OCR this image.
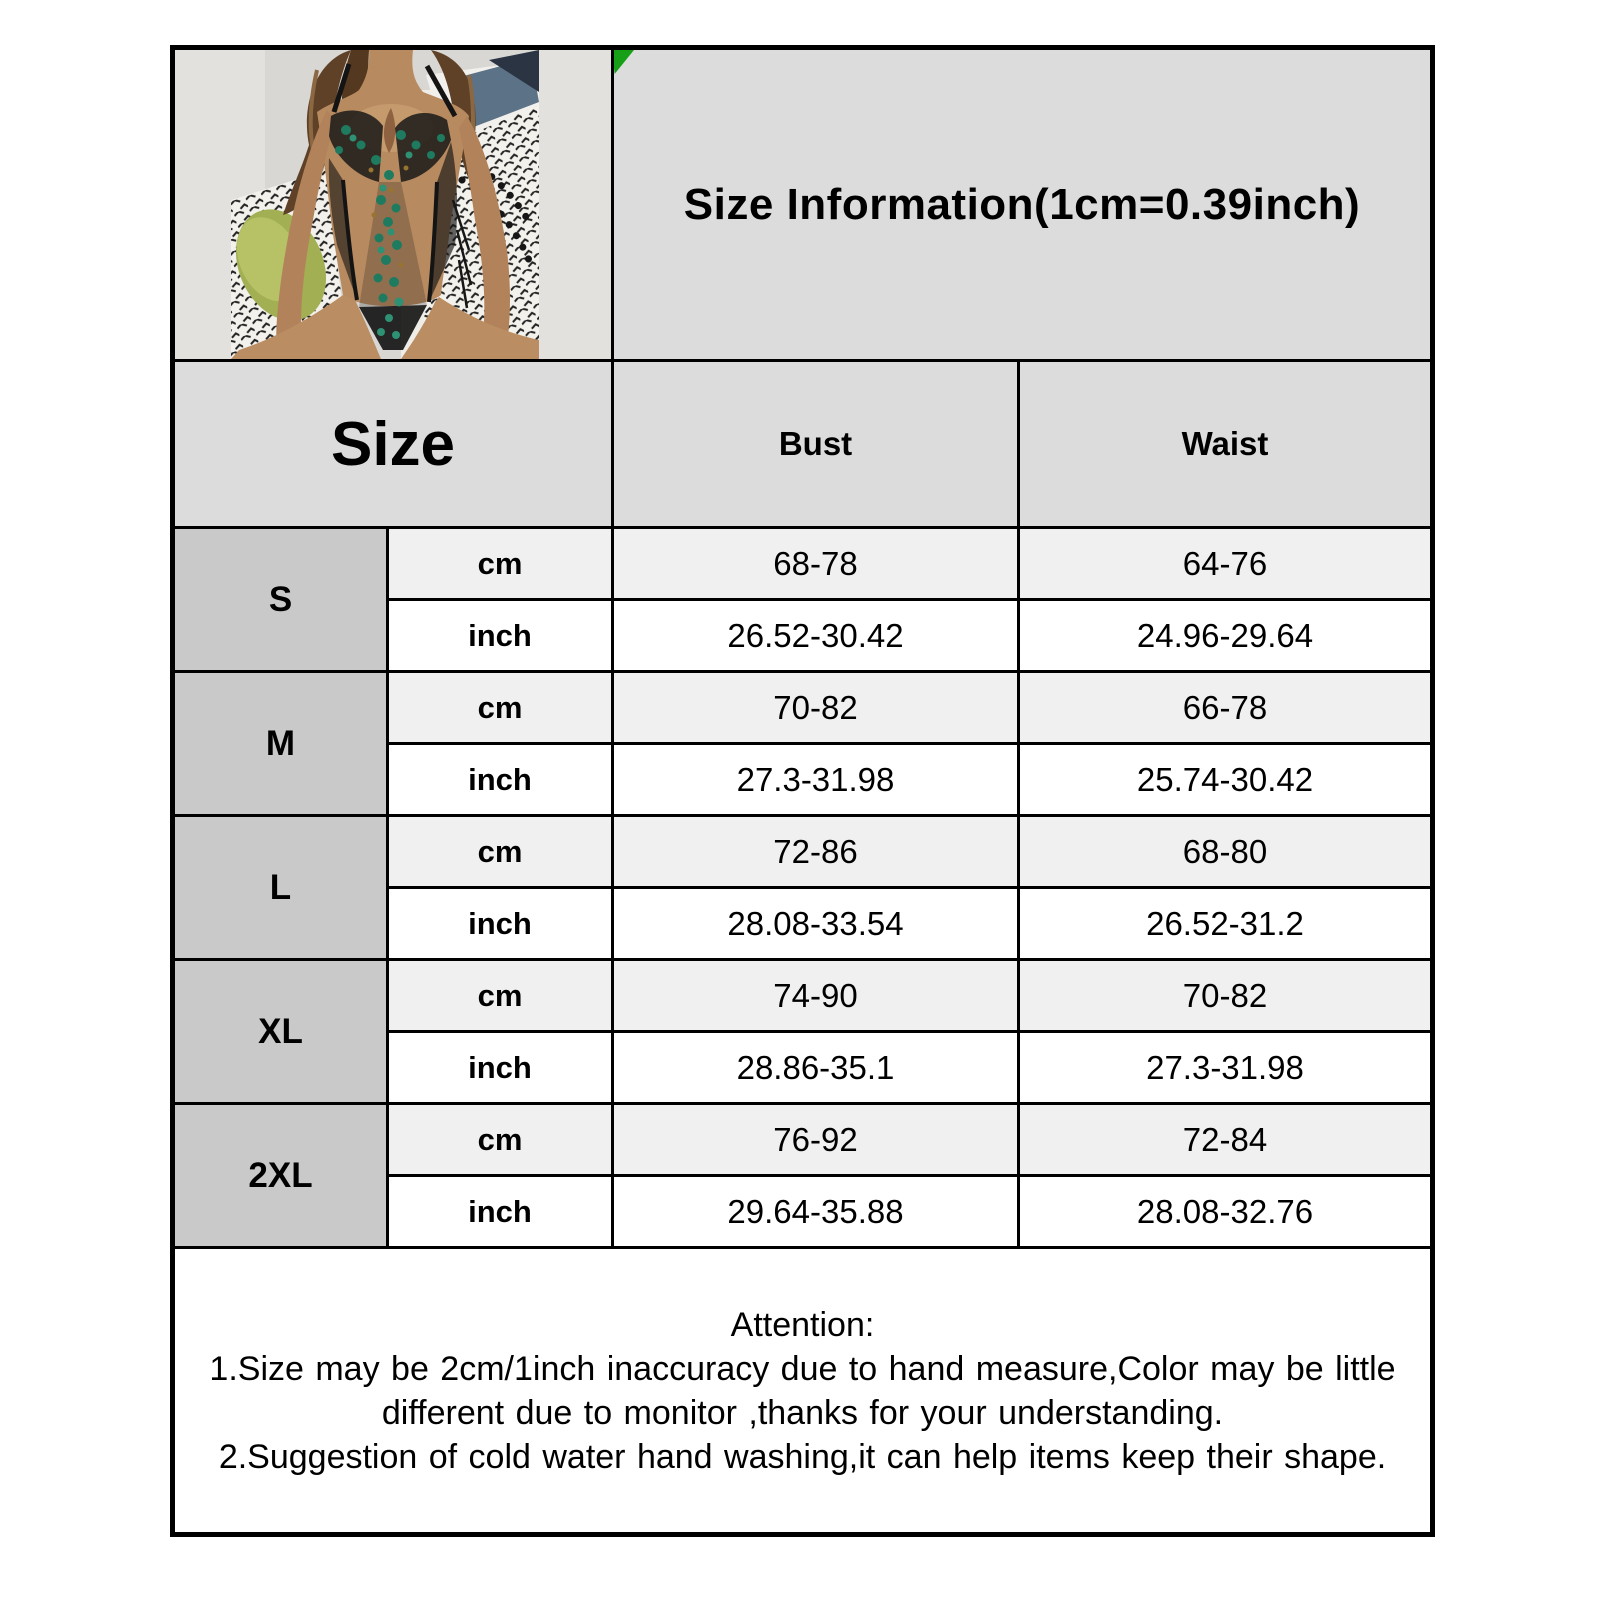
Size Information(1cm=0.39inch)	

Size		Bust	Waist
S	cm	68-78	64-76
	inch	26.52-30.42	24.96-29.64
M	cm	70-82	66-78
	inch	27.3-31.98	25.74-30.42
L	cm	72-86	68-80
	inch	28.08-33.54	26.52-31.2
XL	cm	74-90	70-82
	inch	28.86-35.1	27.3-31.98
2XL	cm	76-92	72-84
	inch	29.64-35.88	28.08-32.76

Attention:
1.Size may be 2cm/1inch inaccuracy due to hand measure,Color may be little different due to monitor ,thanks for your understanding.
2.Suggestion of cold water hand washing,it can help items keep their shape.			
